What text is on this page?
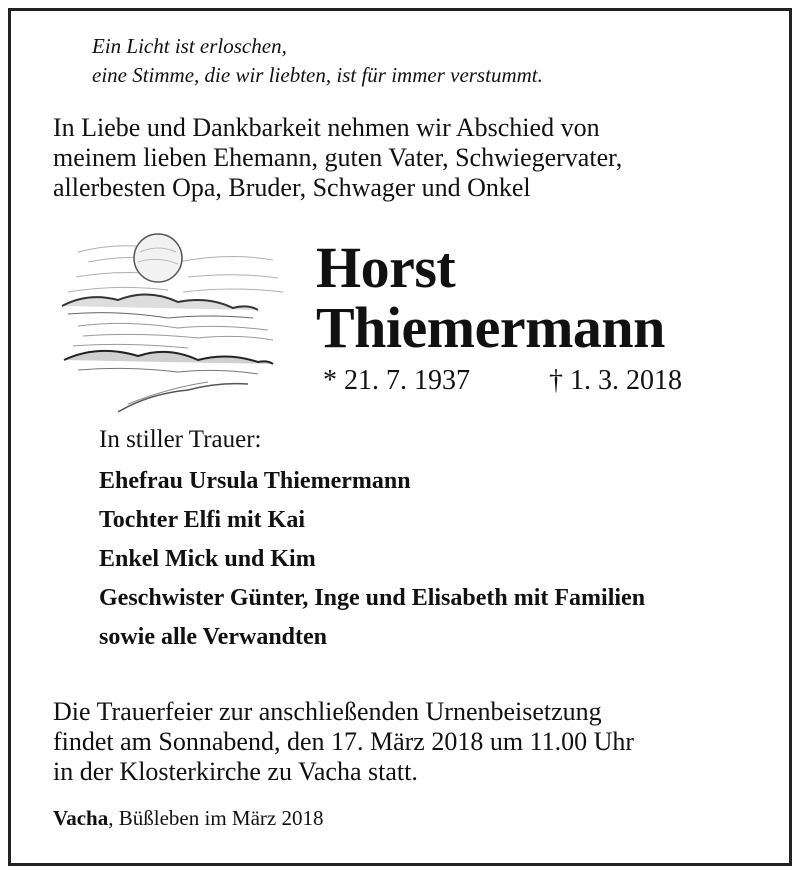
Ein Licht ist erloschen,
eine Stimme, die wir liebten, ist für immer verstummt.
In Liebe und Dankbarkeit nehmen wir Abschied von
meinem lieben Ehemann, guten Vater, Schwiegervater,
allerbesten Opa, Bruder, Schwager und Onkel
Horst
Thiemermann
* 21. 7. 1937	† 1. 3. 2018
In stiller Trauer:
Ehefrau Ursula Thiemermann
Tochter Elfi mit Kai
Enkel Mick und Kim
Geschwister Günter, Inge und Elisabeth mit Familien
sowie alle Verwandten
Die Trauerfeier zur anschließenden Urnenbeisetzung
findet am Sonnabend, den 17. März 2018 um 11.00 Uhr
in der Klosterkirche zu Vacha statt.
Vacha, Büßleben im März 2018
